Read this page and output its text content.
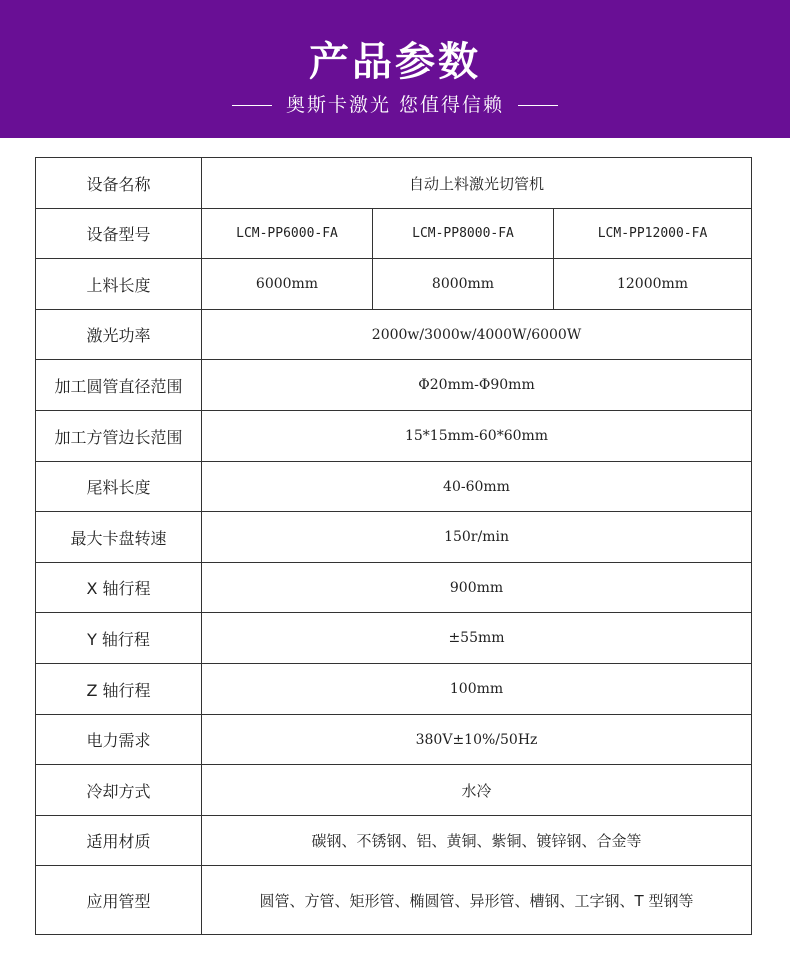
产品参数
奥斯卡激光 您值得信赖
设备名称	自动上料激光切管机		
设备型号	LCM-PP6000-FA	LCM-PP8000-FA	LCM-PP12000-FA
上料长度	6000mm	8000mm	12000mm
激光功率	2000w/3000w/4000W/6000W		
加工圆管直径范围	Φ20mm-Φ90mm		
加工方管边长范围	15*15mm-60*60mm		
尾料长度	40-60mm		
最大卡盘转速	150r/min		
X 轴行程	900mm		
Y 轴行程	±55mm		
Z 轴行程	100mm		
电力需求	380V±10%/50Hz		
冷却方式	水冷		
适用材质	碳钢、不锈钢、铝、黄铜、紫铜、镀锌钢、合金等		
应用管型	圆管、方管、矩形管、椭圆管、异形管、槽钢、工字钢、T 型钢等		
